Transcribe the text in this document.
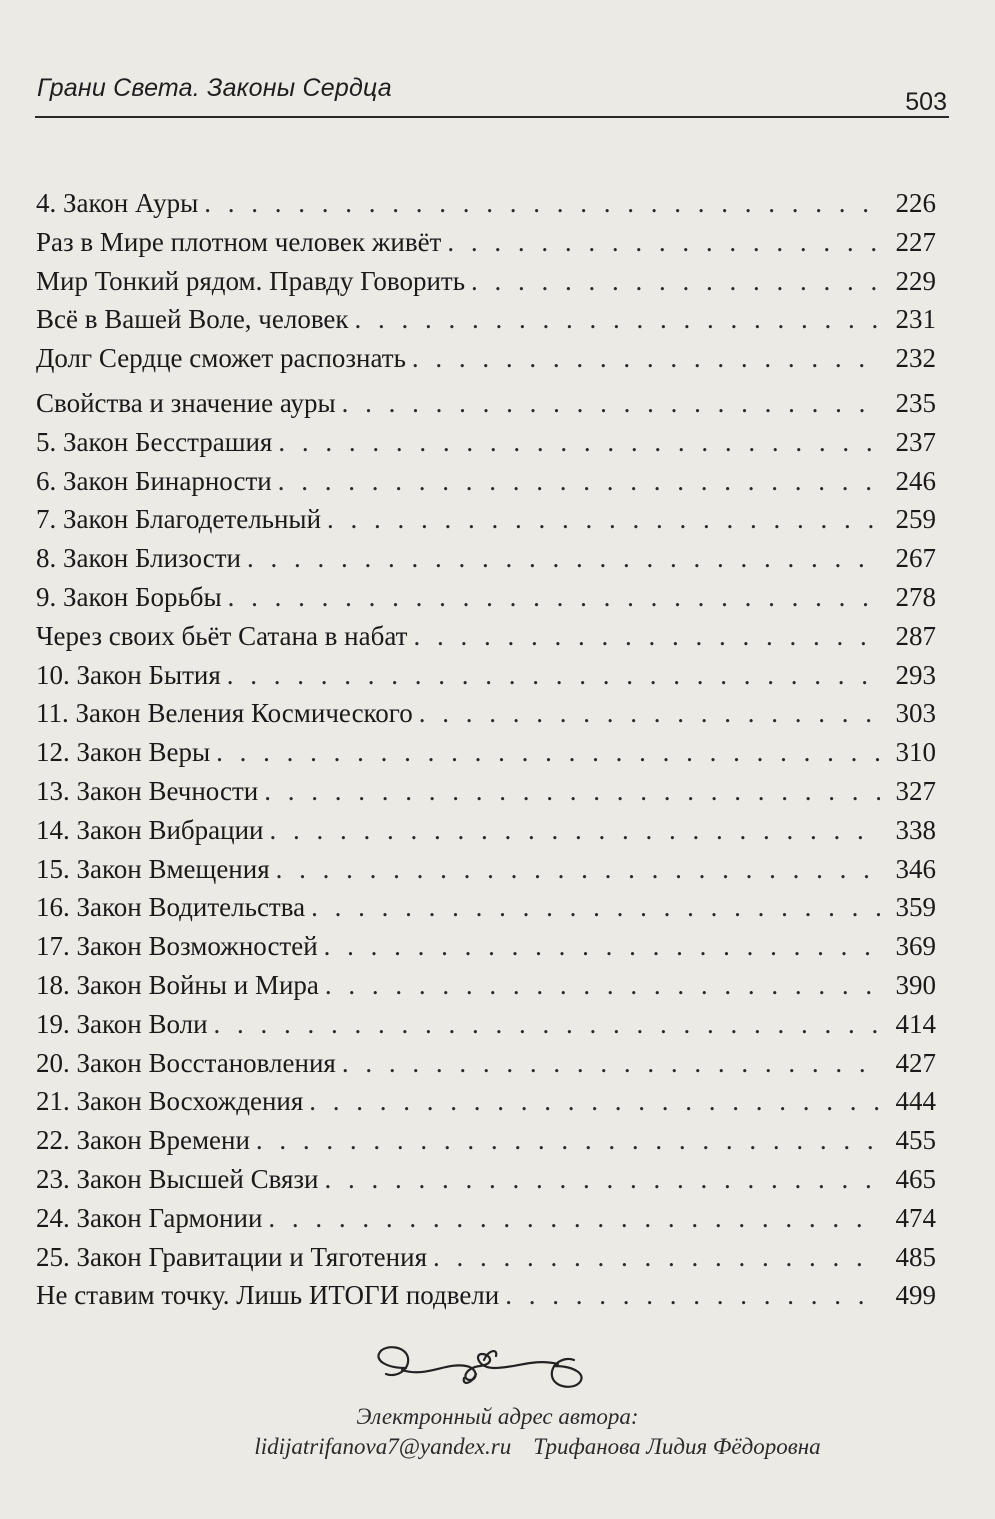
Грани Света. Законы Сердца	503
4. Закон Ауры . . .	226
Раз в Мире плотном человек живёт . . .	227
Мир Тонкий рядом. Правду Говорить . . .	229
Всё в Вашей Воле, человек . . .	231
Долг Сердце сможет распознать . . .	232
Свойства и значение ауры . . .	235
5. Закон Бесстрашия . . .	237
6. Закон Бинарности . . .	246
7. Закон Благодетельный . . .	259
8. Закон Близости . . .	267
9. Закон Борьбы . . .	278
Через своих бьёт Сатана в набат . . .	287
10. Закон Бытия . . .	293
11. Закон Веления Космического . . .	303
12. Закон Веры . . .	310
13. Закон Вечности . . .	327
14. Закон Вибрации . . .	338
15. Закон Вмещения . . .	346
16. Закон Водительства . . .	359
17. Закон Возможностей . . .	369
18. Закон Войны и Мира . . .	390
19. Закон Воли . . .	414
20. Закон Восстановления . . .	427
21. Закон Восхождения . . .	444
22. Закон Времени . . .	455
23. Закон Высшей Связи . . .	465
24. Закон Гармонии . . .	474
25. Закон Гравитации и Тяготения . . .	485
Не ставим точку. Лишь ИТОГИ подвели . . .	499
Электронный адрес автора:
lidijatrifanova7@yandex.ru Трифанова Лидия Фёдоровна
